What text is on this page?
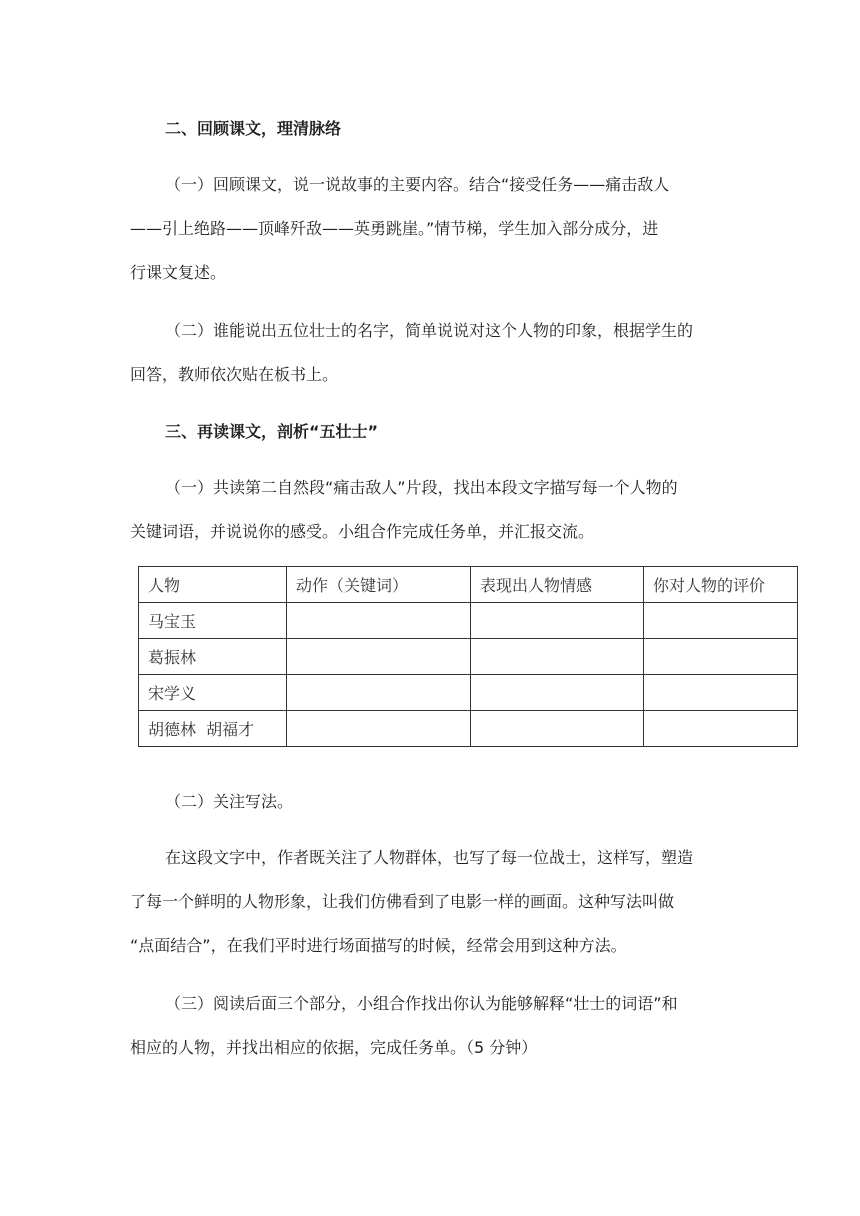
二、回顾课文，理清脉络
（一）回顾课文，说一说故事的主要内容。结合“接受任务——痛击敌人
——引上绝路——顶峰歼敌——英勇跳崖。”情节梯，学生加入部分成分，进
行课文复述。
（二）谁能说出五位壮士的名字，简单说说对这个人物的印象，根据学生的
回答，教师依次贴在板书上。
三、再读课文，剖析“五壮士”
（一）共读第二自然段“痛击敌人”片段，找出本段文字描写每一个人物的
关键词语，并说说你的感受。小组合作完成任务单，并汇报交流。
人物	动作（关键词）	表现出人物情感	你对人物的评价
马宝玉			
葛振林			
宋学义			
胡德林  胡福才			
（二）关注写法。
在这段文字中，作者既关注了人物群体，也写了每一位战士，这样写，塑造
了每一个鲜明的人物形象，让我们仿佛看到了电影一样的画面。这种写法叫做
“点面结合”，在我们平时进行场面描写的时候，经常会用到这种方法。
（三）阅读后面三个部分，小组合作找出你认为能够解释“壮士的词语”和
相应的人物，并找出相应的依据，完成任务单。（5 分钟）
